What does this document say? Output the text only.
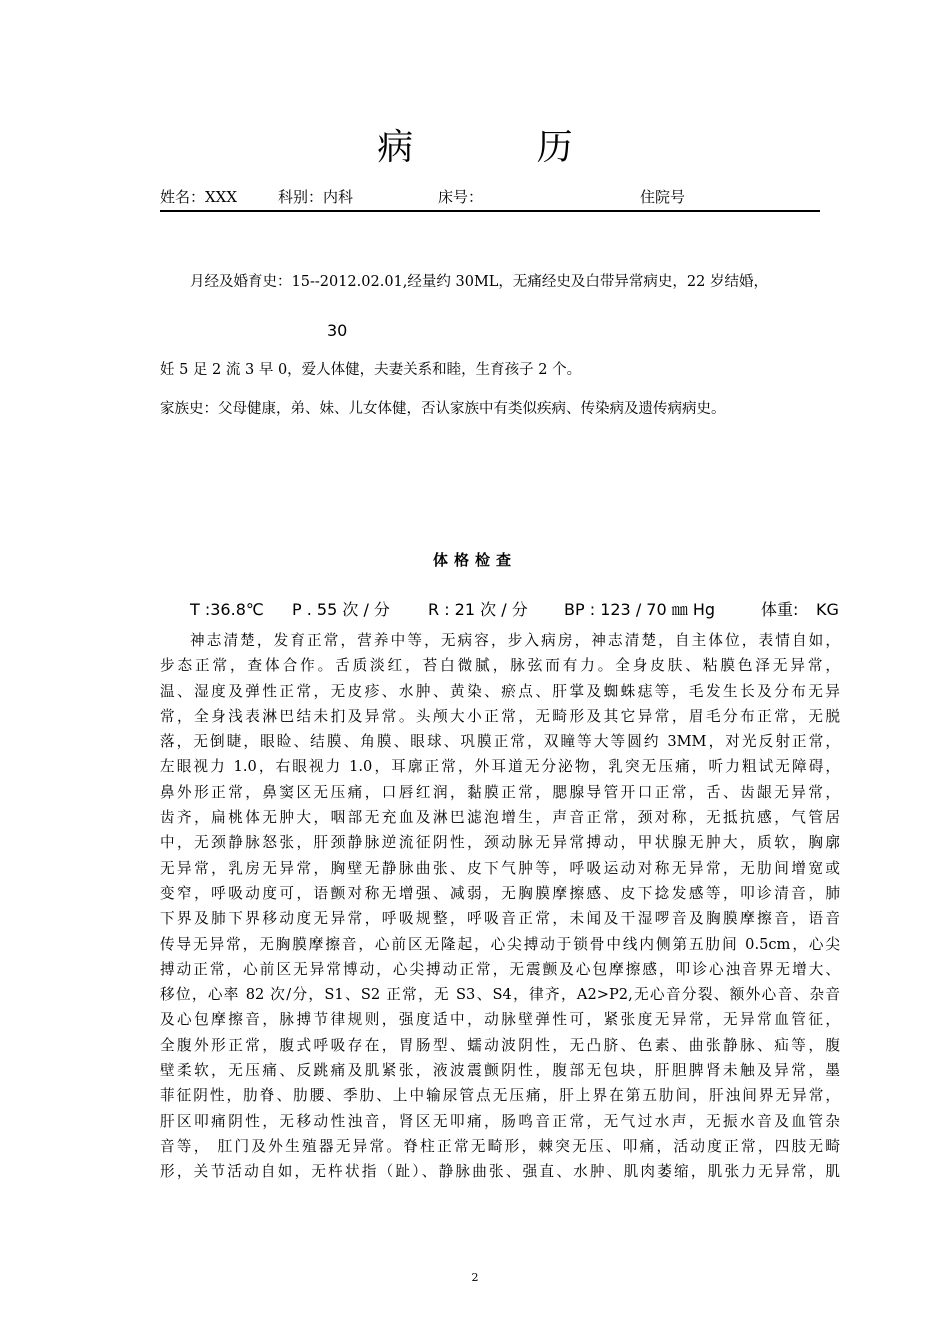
病 历
姓名：XXX	科别：内科	床号：	住院号
月经及婚育史：15--2012.02.01,经量约 30ML，无痛经史及白带异常病史，22 岁结婚，
30
妊 5 足 2 流 3 早 0，爱人体健，夫妻关系和睦，生育孩子 2 个。
家族史：父母健康，弟、妹、儿女体健，否认家族中有类似疾病、传染病及遗传病病史。
体格检查
T :36.8℃ P . 55 次 / 分 R : 21 次 / 分 BP : 123 / 70 ㎜ Hg	体重: KG
神志清楚，发育正常，营养中等，无病容，步入病房，神志清楚，自主体位，表情自如，
步态正常，查体合作。舌质淡红，苔白微腻，脉弦而有力。全身皮肤、粘膜色泽无异常，
温、湿度及弹性正常，无皮疹、水肿、黄染、瘀点、肝掌及蜘蛛痣等，毛发生长及分布无异
常，全身浅表淋巴结未扪及异常。头颅大小正常，无畸形及其它异常，眉毛分布正常，无脱
落，无倒睫，眼睑、结膜、角膜、眼球、巩膜正常，双瞳等大等圆约 3MM，对光反射正常，
左眼视力 1.0，右眼视力 1.0，耳廓正常，外耳道无分泌物，乳突无压痛，听力粗试无障碍，
鼻外形正常，鼻窦区无压痛，口唇红润，黏膜正常，腮腺导管开口正常，舌、齿龈无异常，
齿齐，扁桃体无肿大，咽部无充血及淋巴滤泡增生，声音正常，颈对称，无抵抗感，气管居
中，无颈静脉怒张，肝颈静脉逆流征阴性，颈动脉无异常搏动，甲状腺无肿大，质软，胸廓
无异常，乳房无异常，胸壁无静脉曲张、皮下气肿等，呼吸运动对称无异常，无肋间增宽或
变窄，呼吸动度可，语颤对称无增强、减弱，无胸膜摩擦感、皮下捻发感等，叩诊清音，肺
下界及肺下界移动度无异常，呼吸规整，呼吸音正常，未闻及干湿啰音及胸膜摩擦音，语音
传导无异常，无胸膜摩擦音，心前区无隆起，心尖搏动于锁骨中线内侧第五肋间 0.5cm，心尖
搏动正常，心前区无异常博动，心尖搏动正常，无震颤及心包摩擦感，叩诊心浊音界无增大、
移位，心率 82 次/分，S1、S2 正常，无 S3、S4，律齐，A2>P2,无心音分裂、额外心音、杂音
及心包摩擦音，脉搏节律规则，强度适中，动脉壁弹性可，紧张度无异常，无异常血管征，
全腹外形正常，腹式呼吸存在，胃肠型、蠕动波阴性，无凸脐、色素、曲张静脉、疝等，腹
壁柔软，无压痛、反跳痛及肌紧张，液波震颤阴性，腹部无包块，肝胆脾肾未触及异常，墨
菲征阴性，肋脊、肋腰、季肋、上中输尿管点无压痛，肝上界在第五肋间，肝浊间界无异常，
肝区叩痛阴性，无移动性浊音，肾区无叩痛，肠鸣音正常，无气过水声，无振水音及血管杂
音等， 肛门及外生殖器无异常。脊柱正常无畸形，棘突无压、叩痛，活动度正常，四肢无畸
形，关节活动自如，无杵状指（趾）、静脉曲张、强直、水肿、肌肉萎缩，肌张力无异常，肌
2
